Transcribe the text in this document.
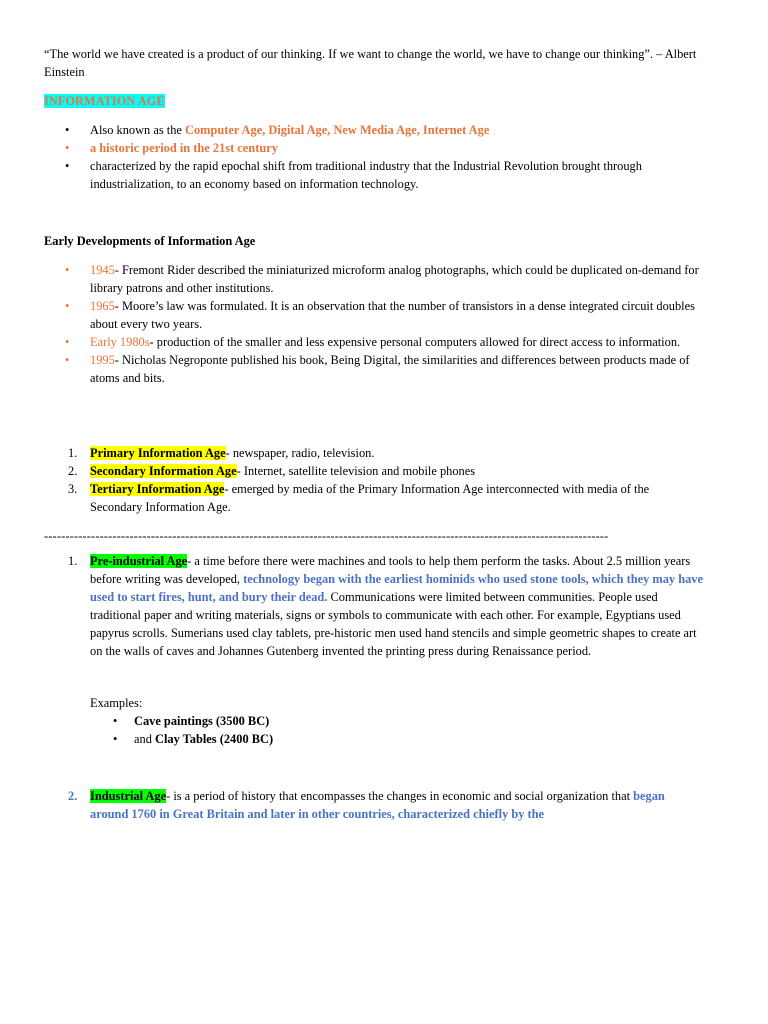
“The world we have created is a product of our thinking. If we want to change the world, we have to change our thinking”. – Albert Einstein

INFORMATION AGE

• Also known as the Computer Age, Digital Age, New Media Age, Internet Age
• a historic period in the 21st century
• characterized by the rapid epochal shift from traditional industry that the Industrial Revolution brought through industrialization, to an economy based on information technology.

Early Developments of Information Age

• 1945- Fremont Rider described the miniaturized microform analog photographs, which could be duplicated on-demand for library patrons and other institutions.
• 1965- Moore’s law was formulated. It is an observation that the number of transistors in a dense integrated circuit doubles about every two years.
• Early 1980s- production of the smaller and less expensive personal computers allowed for direct access to information.
• 1995- Nicholas Negroponte published his book, Being Digital, the similarities and differences between products made of atoms and bits.
1. Primary Information Age- newspaper, radio, television.
2. Secondary Information Age- Internet, satellite television and mobile phones
3. Tertiary Information Age- emerged by media of the Primary Information Age interconnected with media of the Secondary Information Age.
------------------------------------------------------------------------------------------------------------------------------------
1. Pre-industrial Age- a time before there were machines and tools to help them perform the tasks. About 2.5 million years before writing was developed, technology began with the earliest hominids who used stone tools, which they may have used to start fires, hunt, and bury their dead. Communications were limited between communities. People used traditional paper and writing materials, signs or symbols to communicate with each other. For example, Egyptians used papyrus scrolls. Sumerians used clay tablets, pre-historic men used hand stencils and simple geometric shapes to create art on the walls of caves and Johannes Gutenberg invented the printing press during Renaissance period.

Examples:

• Cave paintings (3500 BC)
• and Clay Tables (2400 BC)
2. Industrial Age- is a period of history that encompasses the changes in economic and social organization that began around 1760 in Great Britain and later in other countries, characterized chiefly by the
